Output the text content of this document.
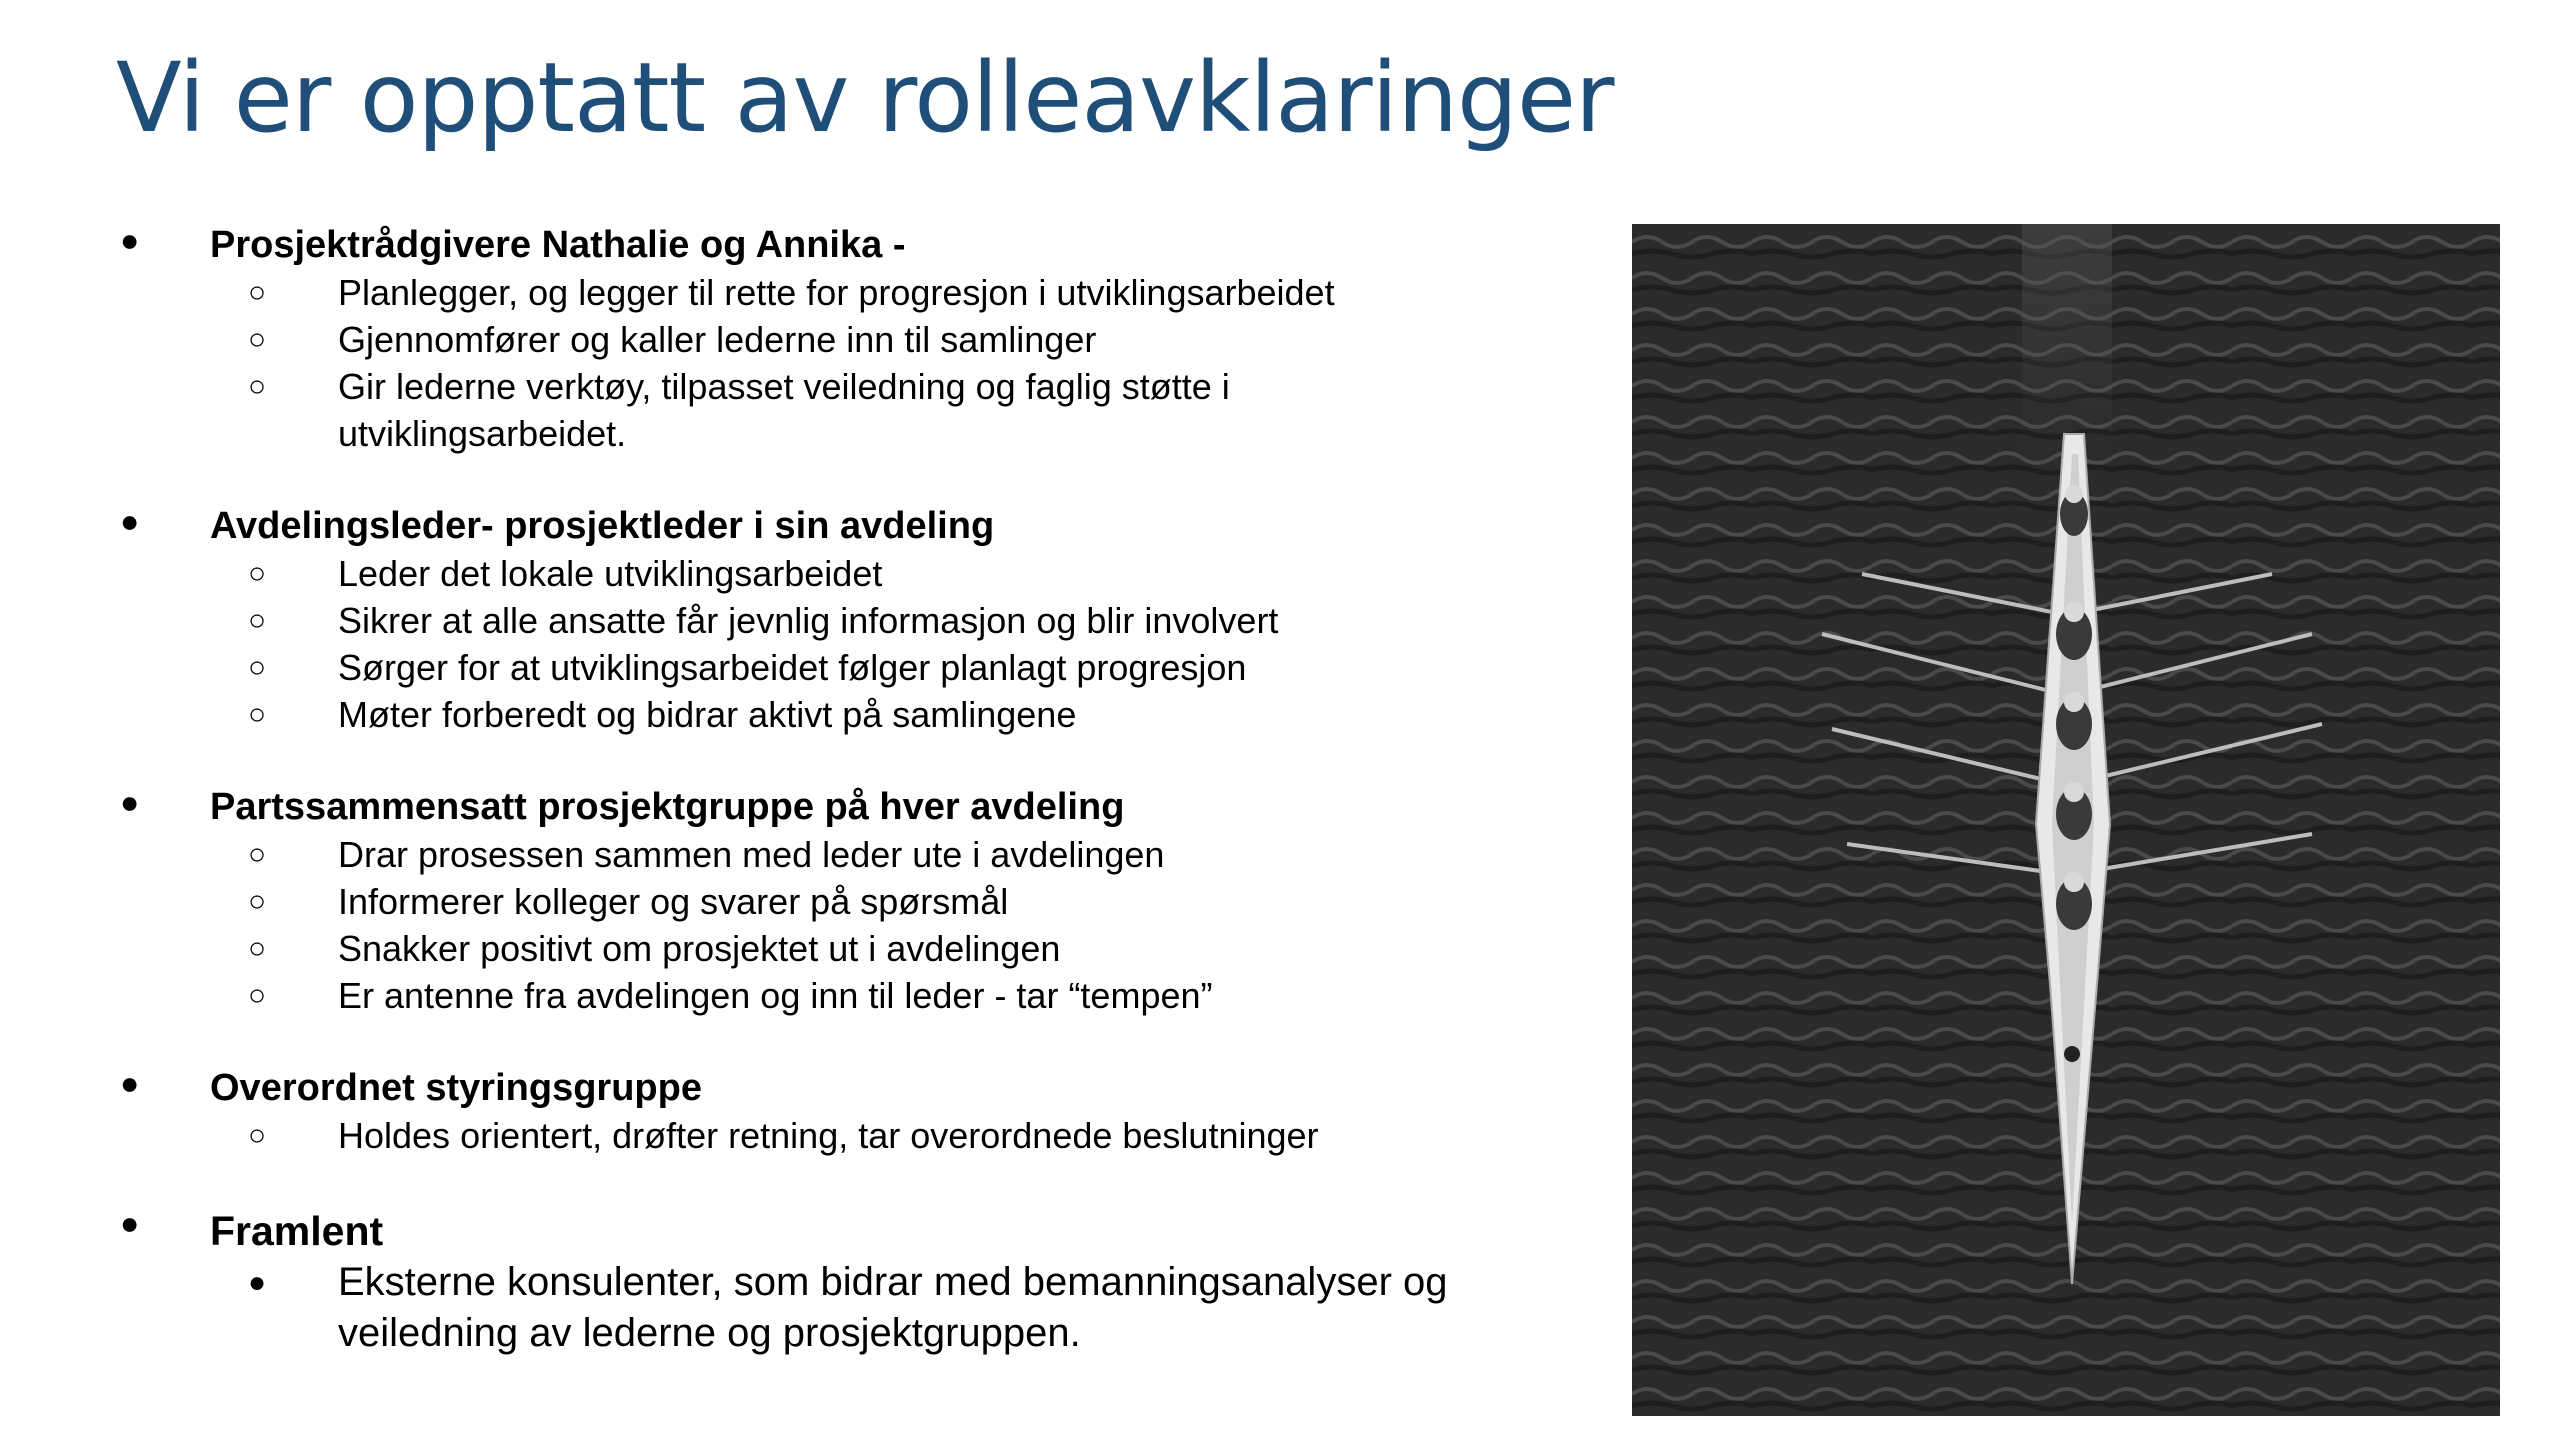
Vi er opptatt av rolleavklaringer
● Prosjektrådgivere Nathalie og Annika -
○ Planlegger, og legger til rette for progresjon i utviklingsarbeidet
○ Gjennomfører og kaller lederne inn til samlinger
○ Gir lederne verktøy, tilpasset veiledning og faglig støtte i utviklingsarbeidet.
● Avdelingsleder- prosjektleder i sin avdeling
○ Leder det lokale utviklingsarbeidet
○ Sikrer at alle ansatte får jevnlig informasjon og blir involvert
○ Sørger for at utviklingsarbeidet følger planlagt progresjon
○ Møter forberedt og bidrar aktivt på samlingene
● Partssammensatt prosjektgruppe på hver avdeling
○ Drar prosessen sammen med leder ute i avdelingen
○ Informerer kolleger og svarer på spørsmål
○ Snakker positivt om prosjektet ut i avdelingen
○ Er antenne fra avdelingen og inn til leder - tar “tempen”
● Overordnet styringsgruppe
○ Holdes orientert, drøfter retning, tar overordnede beslutninger
● Framlent
● Eksterne konsulenter, som bidrar med bemanningsanalyser og veiledning av lederne og prosjektgruppen.
